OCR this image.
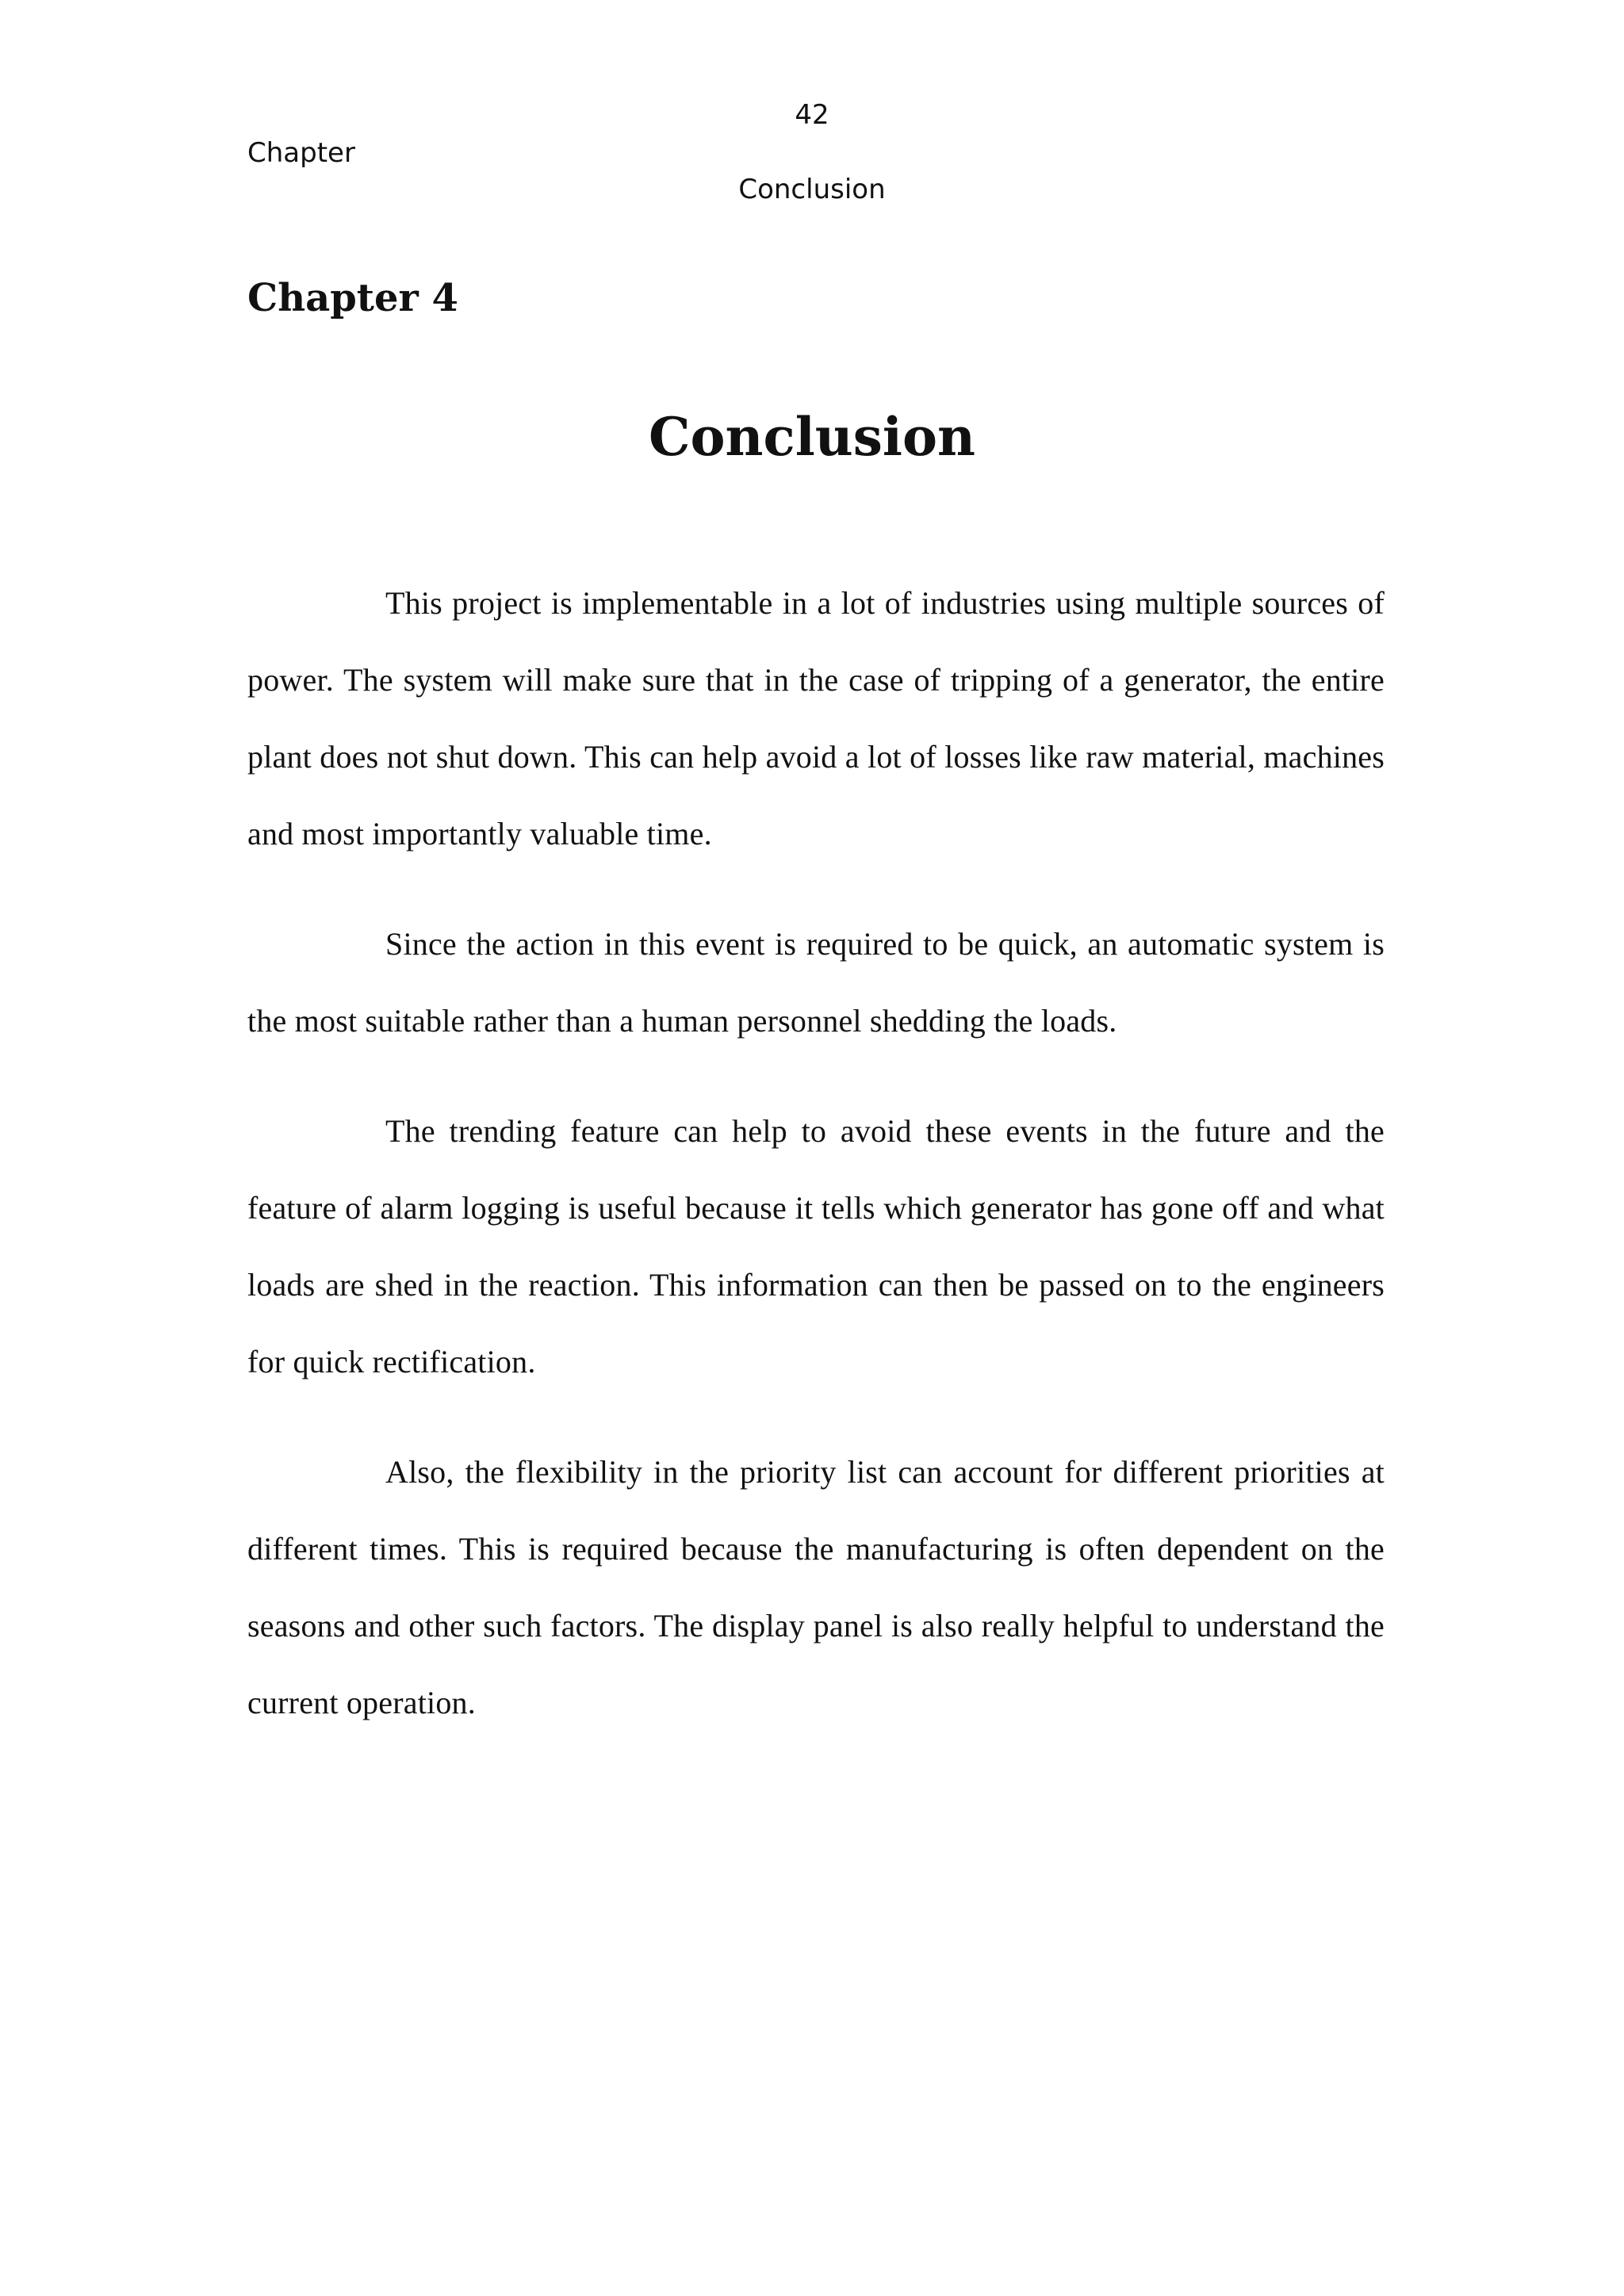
42
Chapter
Conclusion
Chapter 4
Conclusion

This project is implementable in a lot of industries using multiple sources of power. The system will make sure that in the case of tripping of a generator, the entire plant does not shut down. This can help avoid a lot of losses like raw material, machines and most importantly valuable time.

Since the action in this event is required to be quick, an automatic system is the most suitable rather than a human personnel shedding the loads.

The trending feature can help to avoid these events in the future and the feature of alarm logging is useful because it tells which generator has gone off and what loads are shed in the reaction. This information can then be passed on to the engineers for quick rectification.

Also, the flexibility in the priority list can account for different priorities at different times. This is required because the manufacturing is often dependent on the seasons and other such factors. The display panel is also really helpful to understand the current operation.
